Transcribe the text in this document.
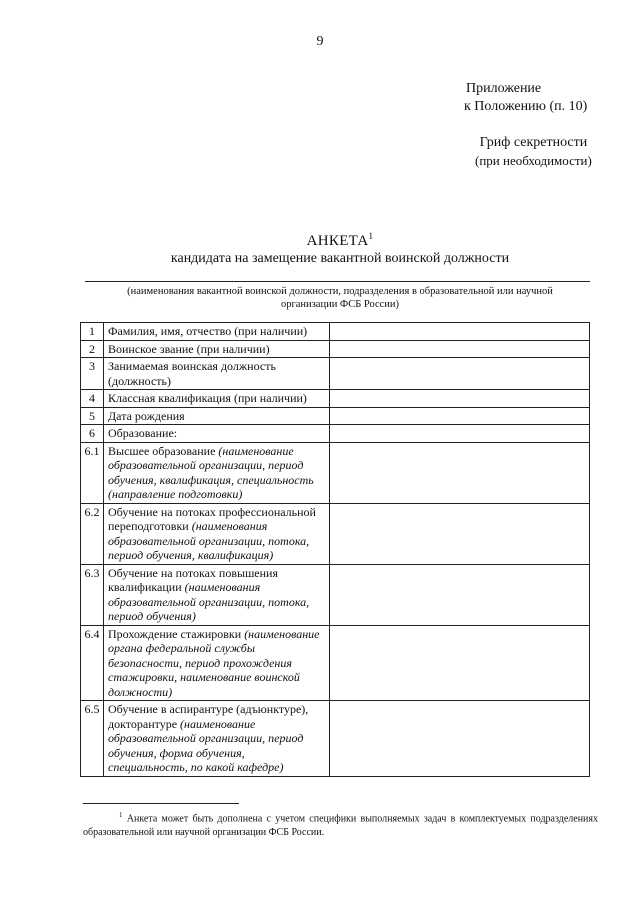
9
Приложение
к Положению (п. 10)
Гриф секретности
(при необходимости)
АНКЕТА$^1$
кандидата на замещение вакантной воинской должности
(наименования вакантной воинской должности, подразделения в образовательной или научной организации ФСБ России)
1	Фамилия, имя, отчество (при наличии)	
2	Воинское звание (при наличии)	
3	Занимаемая воинская должность (должность)	
4	Классная квалификация (при наличии)	
5	Дата рождения	
6	Образование:	
6.1	Высшее образование (наименование образовательной организации, период обучения, квалификация, специальность (направление подготовки)	
6.2	Обучение на потоках профессиональной переподготовки (наименования образовательной организации, потока, период обучения, квалификация)	
6.3	Обучение на потоках повышения квалификации (наименования образовательной организации, потока, период обучения)	
6.4	Прохождение стажировки (наименование органа федеральной службы безопасности, период прохождения стажировки, наименование воинской должности)	
6.5	Обучение в аспирантуре (адъюнктуре), докторантуре (наименование образовательной организации, период обучения, форма обучения, специальность, по какой кафедре)	
$^1$ Анкета может быть дополнена с учетом специфики выполняемых задач в комплектуемых подразделениях образовательной или научной организации ФСБ России.
